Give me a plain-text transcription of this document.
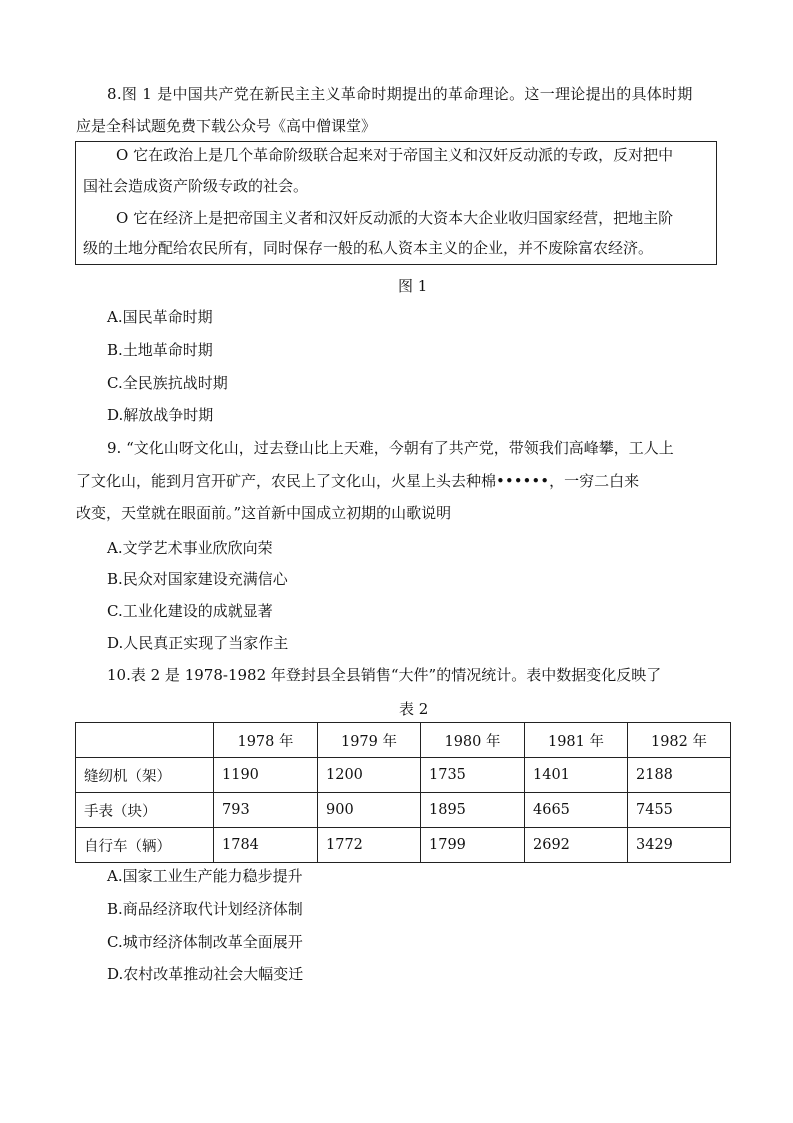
8.图 1 是中国共产党在新民主主义革命时期提出的革命理论。这一理论提出的具体时期
应是全科试题免费下载公众号《高中僧课堂》
O 它在政治上是几个革命阶级联合起来对于帝国主义和汉奸反动派的专政，反对把中
国社会造成资产阶级专政的社会。
O 它在经济上是把帝国主义者和汉奸反动派的大资本大企业收归国家经营，把地主阶
级的土地分配给农民所有，同时保存一般的私人资本主义的企业，并不废除富农经济。
图 1
A.国民革命时期
B.土地革命时期
C.全民族抗战时期
D.解放战争时期
9. “文化山呀文化山，过去登山比上天难，今朝有了共产党，带领我们高峰攀，工人上
了文化山，能到月宫开矿产，农民上了文化山，火星上头去种棉••••••，一穷二白来
改变，天堂就在眼面前。”这首新中国成立初期的山歌说明
A.文学艺术事业欣欣向荣
B.民众对国家建设充满信心
C.工业化建设的成就显著
D.人民真正实现了当家作主
10.表 2 是 1978-1982 年登封县全县销售“大件”的情况统计。表中数据变化反映了
表 2
	1978 年	1979 年	1980 年	1981 年	1982 年
缝纫机（架）	1190	1200	1735	1401	2188
手表（块）	793	900	1895	4665	7455
自行车（辆）	1784	1772	1799	2692	3429
A.国家工业生产能力稳步提升
B.商品经济取代计划经济体制
C.城市经济体制改革全面展开
D.农村改革推动社会大幅变迁
